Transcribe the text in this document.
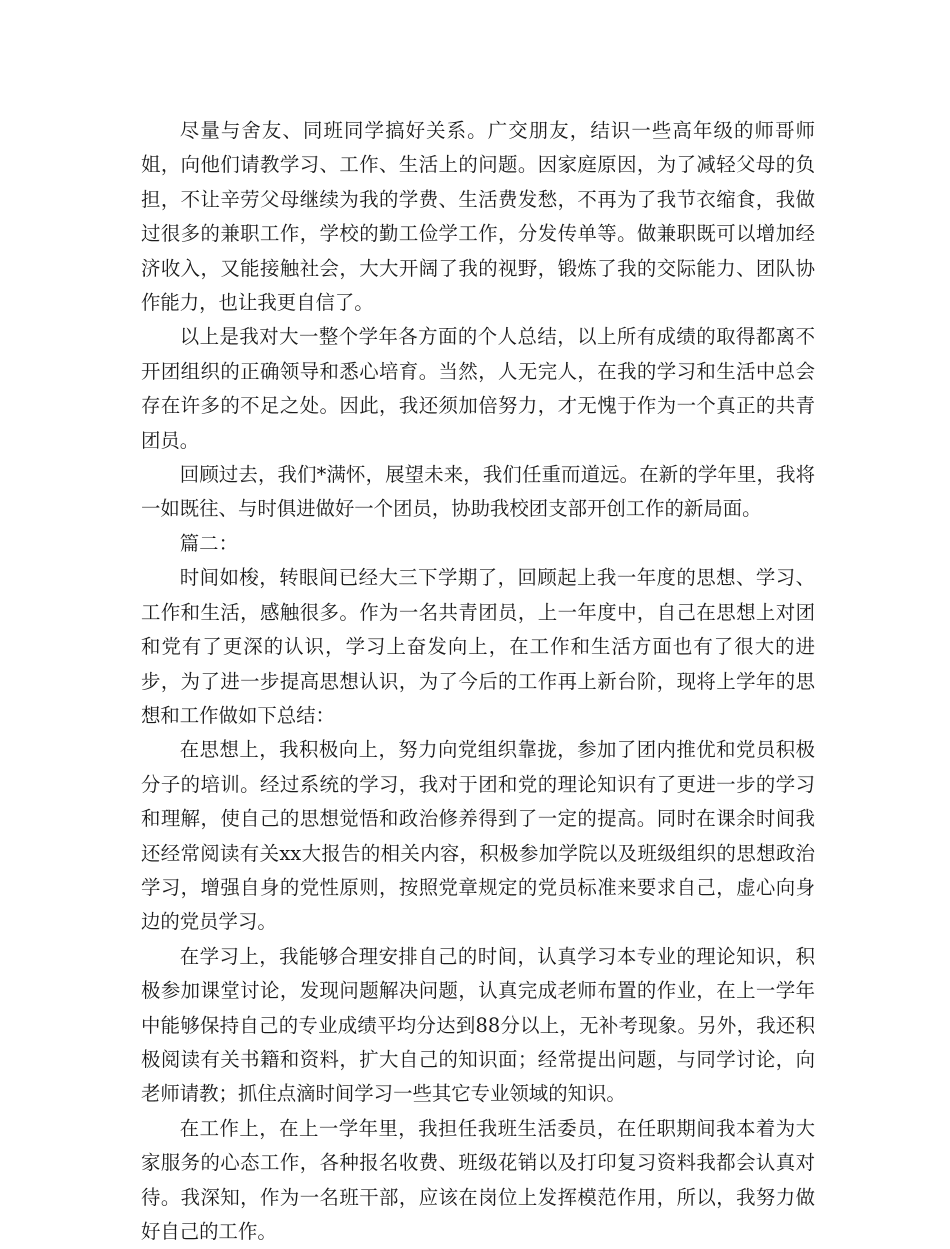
尽量与舍友、同班同学搞好关系。广交朋友，结识一些高年级的师哥师姐，向他们请教学习、工作、生活上的问题。因家庭原因，为了减轻父母的负担，不让辛劳父母继续为我的学费、生活费发愁，不再为了我节衣缩食，我做过很多的兼职工作，学校的勤工俭学工作，分发传单等。做兼职既可以增加经济收入，又能接触社会，大大开阔了我的视野，锻炼了我的交际能力、团队协作能力，也让我更自信了。

以上是我对大一整个学年各方面的个人总结，以上所有成绩的取得都离不开团组织的正确领导和悉心培育。当然，人无完人，在我的学习和生活中总会存在许多的不足之处。因此，我还须加倍努力，才无愧于作为一个真正的共青团员。

回顾过去，我们*满怀，展望未来，我们任重而道远。在新的学年里，我将一如既往、与时俱进做好一个团员，协助我校团支部开创工作的新局面。

篇二：

时间如梭，转眼间已经大三下学期了，回顾起上我一年度的思想、学习、工作和生活，感触很多。作为一名共青团员，上一年度中，自己在思想上对团和党有了更深的认识，学习上奋发向上，在工作和生活方面也有了很大的进步，为了进一步提高思想认识，为了今后的工作再上新台阶，现将上学年的思想和工作做如下总结：

在思想上，我积极向上，努力向党组织靠拢，参加了团内推优和党员积极分子的培训。经过系统的学习，我对于团和党的理论知识有了更进一步的学习和理解，使自己的思想觉悟和政治修养得到了一定的提高。同时在课余时间我还经常阅读有关xx大报告的相关内容，积极参加学院以及班级组织的思想政治学习，增强自身的党性原则，按照党章规定的党员标准来要求自己，虚心向身边的党员学习。

在学习上，我能够合理安排自己的时间，认真学习本专业的理论知识，积极参加课堂讨论，发现问题解决问题，认真完成老师布置的作业，在上一学年中能够保持自己的专业成绩平均分达到88分以上，无补考现象。另外，我还积极阅读有关书籍和资料，扩大自己的知识面；经常提出问题，与同学讨论，向老师请教；抓住点滴时间学习一些其它专业领域的知识。

在工作上，在上一学年里，我担任我班生活委员，在任职期间我本着为大家服务的心态工作，各种报名收费、班级花销以及打印复习资料我都会认真对待。我深知，作为一名班干部，应该在岗位上发挥模范作用，所以，我努力做好自己的工作。
